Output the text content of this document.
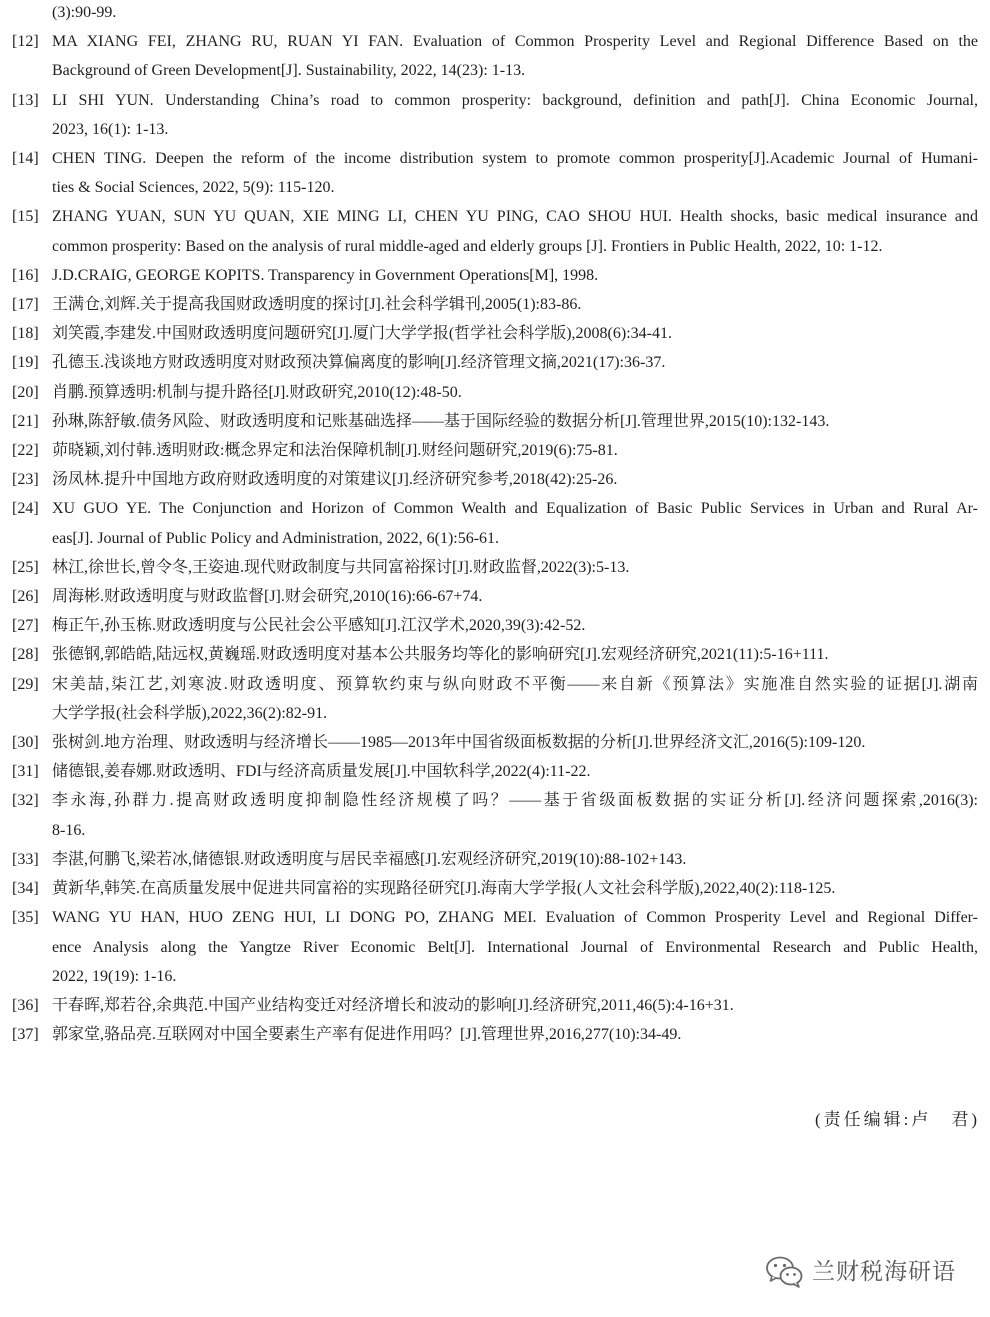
(3):90-99.
[12] MA XIANG FEI, ZHANG RU, RUAN YI FAN. Evaluation of Common Prosperity Level and Regional Difference Based on the
Background of Green Development[J]. Sustainability, 2022, 14(23): 1-13.
[13] LI SHI YUN. Understanding China’s road to common prosperity: background, definition and path[J]. China Economic Journal,
2023, 16(1): 1-13.
[14] CHEN TING. Deepen the reform of the income distribution system to promote common prosperity[J].Academic Journal of Humani-
ties & Social Sciences, 2022, 5(9): 115-120.
[15] ZHANG YUAN, SUN YU QUAN, XIE MING LI, CHEN YU PING, CAO SHOU HUI. Health shocks, basic medical insurance and
common prosperity: Based on the analysis of rural middle-aged and elderly groups [J]. Frontiers in Public Health, 2022, 10: 1-12.
[16] J.D.CRAIG, GEORGE KOPITS. Transparency in Government Operations[M], 1998.
[17] 王满仓,刘辉.关于提高我国财政透明度的探讨[J].社会科学辑刊,2005(1):83-86.
[18] 刘笑霞,李建发.中国财政透明度问题研究[J].厦门大学学报(哲学社会科学版),2008(6):34-41.
[19] 孔德玉.浅谈地方财政透明度对财政预决算偏离度的影响[J].经济管理文摘,2021(17):36-37.
[20] 肖鹏.预算透明:机制与提升路径[J].财政研究,2010(12):48-50.
[21] 孙琳,陈舒敏.债务风险、财政透明度和记账基础选择——基于国际经验的数据分析[J].管理世界,2015(10):132-143.
[22] 茆晓颖,刘付韩.透明财政:概念界定和法治保障机制[J].财经问题研究,2019(6):75-81.
[23] 汤凤林.提升中国地方政府财政透明度的对策建议[J].经济研究参考,2018(42):25-26.
[24] XU GUO YE. The Conjunction and Horizon of Common Wealth and Equalization of Basic Public Services in Urban and Rural Ar-
eas[J]. Journal of Public Policy and Administration, 2022, 6(1):56-61.
[25] 林江,徐世长,曾令冬,王姿迪.现代财政制度与共同富裕探讨[J].财政监督,2022(3):5-13.
[26] 周海彬.财政透明度与财政监督[J].财会研究,2010(16):66-67+74.
[27] 梅正午,孙玉栋.财政透明度与公民社会公平感知[J].江汉学术,2020,39(3):42-52.
[28] 张德钢,郭皓皓,陆远权,黄巍瑶.财政透明度对基本公共服务均等化的影响研究[J].宏观经济研究,2021(11):5-16+111.
[29] 宋美喆,柒江艺,刘寒波.财政透明度、预算软约束与纵向财政不平衡——来自新《预算法》实施准自然实验的证据[J].湖南
大学学报(社会科学版),2022,36(2):82-91.
[30] 张树剑.地方治理、财政透明与经济增长——1985—2013年中国省级面板数据的分析[J].世界经济文汇,2016(5):109-120.
[31] 储德银,姜春娜.财政透明、FDI与经济高质量发展[J].中国软科学,2022(4):11-22.
[32] 李永海,孙群力.提高财政透明度抑制隐性经济规模了吗？——基于省级面板数据的实证分析[J].经济问题探索,2016(3):
8-16.
[33] 李湛,何鹏飞,梁若冰,储德银.财政透明度与居民幸福感[J].宏观经济研究,2019(10):88-102+143.
[34] 黄新华,韩笑.在高质量发展中促进共同富裕的实现路径研究[J].海南大学学报(人文社会科学版),2022,40(2):118-125.
[35] WANG YU HAN, HUO ZENG HUI, LI DONG PO, ZHANG MEI. Evaluation of Common Prosperity Level and Regional Differ-
ence Analysis along the Yangtze River Economic Belt[J]. International Journal of Environmental Research and Public Health,
2022, 19(19): 1-16.
[36] 干春晖,郑若谷,余典范.中国产业结构变迁对经济增长和波动的影响[J].经济研究,2011,46(5):4-16+31.
[37] 郭家堂,骆品亮.互联网对中国全要素生产率有促进作用吗？[J].管理世界,2016,277(10):34-49.
(责任编辑:卢　君)
兰财税海研语
